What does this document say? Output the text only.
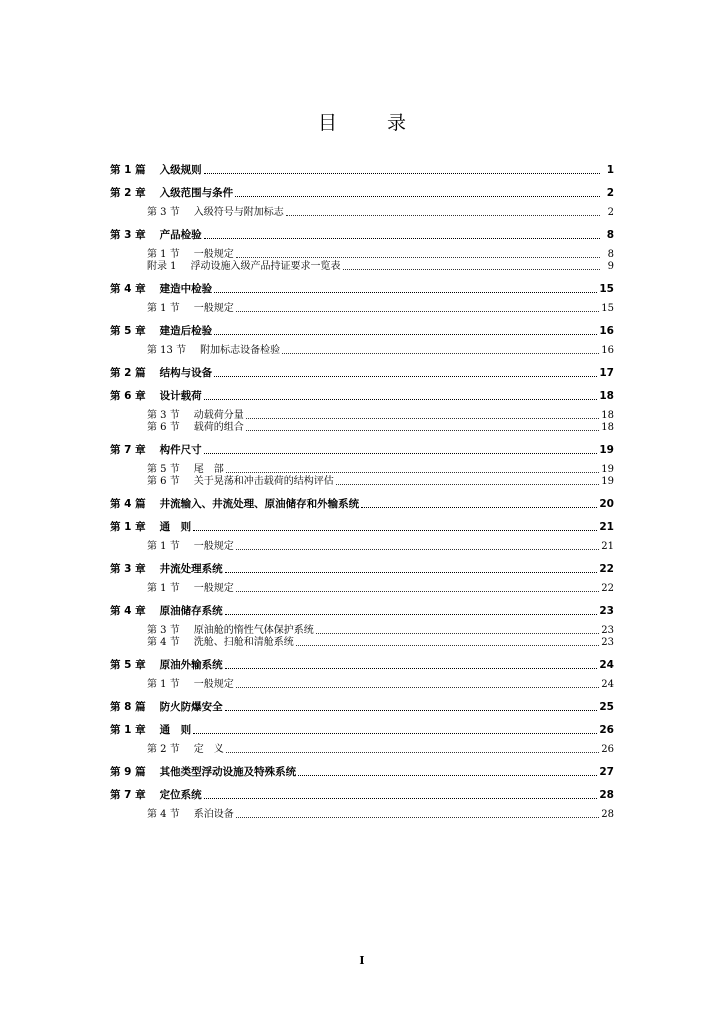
目 录
第 1 篇 入级规则	1
第 2 章 入级范围与条件	2
第 3 节 入级符号与附加标志	2
第 3 章 产品检验	8
第 1 节 一般规定	8
附录 1 浮动设施入级产品持证要求一览表	9
第 4 章 建造中检验	15
第 1 节 一般规定	15
第 5 章 建造后检验	16
第 13 节 附加标志设备检验	16
第 2 篇 结构与设备	17
第 6 章 设计载荷	18
第 3 节 动载荷分量	18
第 6 节 载荷的组合	18
第 7 章 构件尺寸	19
第 5 节 尾　部	19
第 6 节 关于晃荡和冲击载荷的结构评估	19
第 4 篇 井流输入、井流处理、原油储存和外输系统	20
第 1 章 通　则	21
第 1 节 一般规定	21
第 3 章 井流处理系统	22
第 1 节 一般规定	22
第 4 章 原油储存系统	23
第 3 节 原油舱的惰性气体保护系统	23
第 4 节 洗舱、扫舱和清舱系统	23
第 5 章 原油外输系统	24
第 1 节 一般规定	24
第 8 篇 防火防爆安全	25
第 1 章 通　则	26
第 2 节 定　义	26
第 9 篇 其他类型浮动设施及特殊系统	27
第 7 章 定位系统	28
第 4 节 系泊设备	28
I
